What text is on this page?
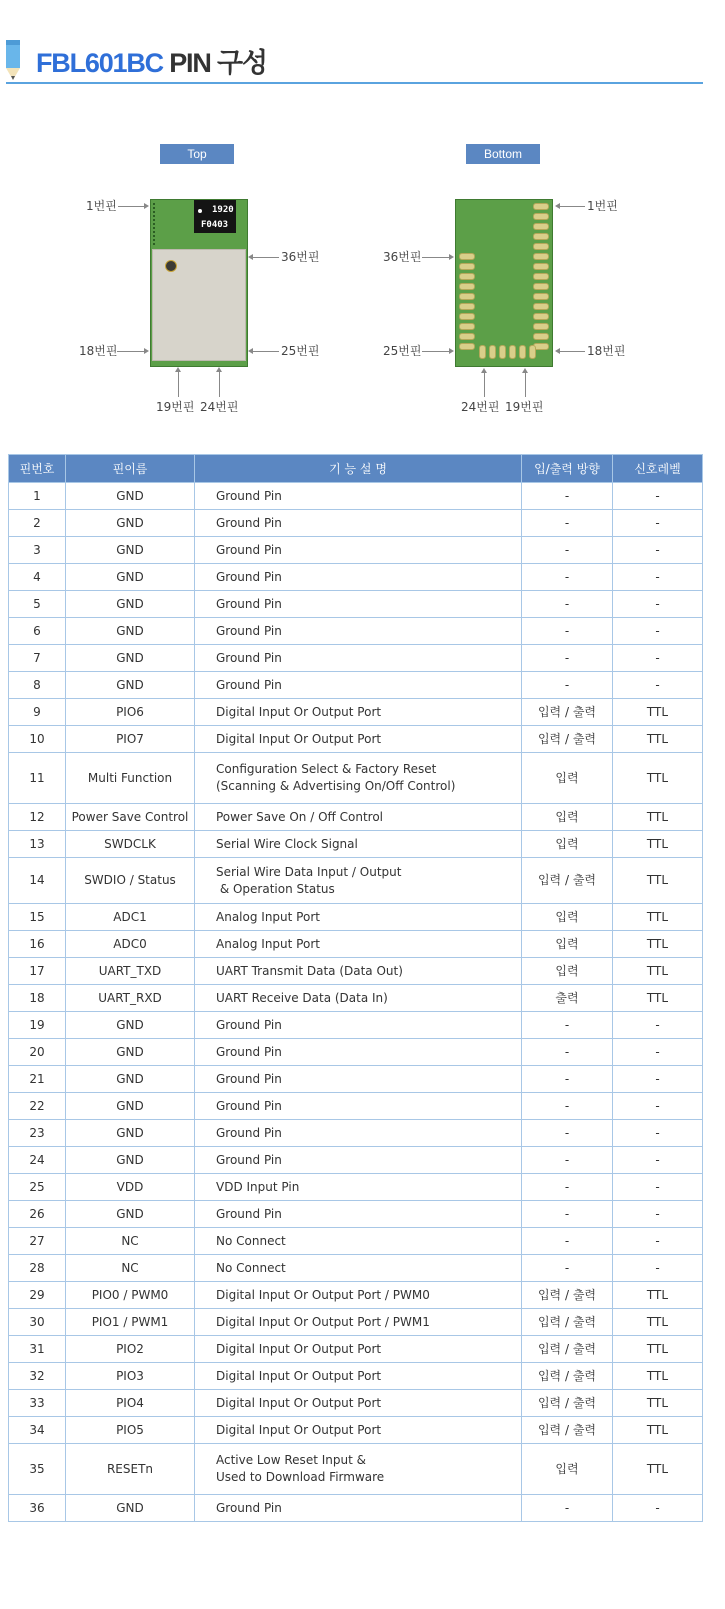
FBL601BC PIN 구성
Top	Bottom
1920
F0403
1번핀
36번핀
18번핀	25번핀
19번핀 24번핀
1번핀
36번핀
25번핀	18번핀
24번핀 19번핀
핀번호	핀이름	기 능 설 명	입/출력 방향	신호레벨
1	GND	Ground Pin	-	-
2	GND	Ground Pin	-	-
3	GND	Ground Pin	-	-
4	GND	Ground Pin	-	-
5	GND	Ground Pin	-	-
6	GND	Ground Pin	-	-
7	GND	Ground Pin	-	-
8	GND	Ground Pin	-	-
9	PIO6	Digital Input Or Output Port	입력 / 출력	TTL
10	PIO7	Digital Input Or Output Port	입력 / 출력	TTL
11	Multi Function	Configuration Select & Factory Reset
(Scanning & Advertising On/Off Control)	입력	TTL
12	Power Save Control	Power Save On / Off Control	입력	TTL
13	SWDCLK	Serial Wire Clock Signal	입력	TTL
14	SWDIO / Status	Serial Wire Data Input / Output
& Operation Status	입력 / 출력	TTL
15	ADC1	Analog Input Port	입력	TTL
16	ADC0	Analog Input Port	입력	TTL
17	UART_TXD	UART Transmit Data (Data Out)	입력	TTL
18	UART_RXD	UART Receive Data (Data In)	출력	TTL
19	GND	Ground Pin	-	-
20	GND	Ground Pin	-	-
21	GND	Ground Pin	-	-
22	GND	Ground Pin	-	-
23	GND	Ground Pin	-	-
24	GND	Ground Pin	-	-
25	VDD	VDD Input Pin	-	-
26	GND	Ground Pin	-	-
27	NC	No Connect	-	-
28	NC	No Connect	-	-
29	PIO0 / PWM0	Digital Input Or Output Port / PWM0	입력 / 출력	TTL
30	PIO1 / PWM1	Digital Input Or Output Port / PWM1	입력 / 출력	TTL
31	PIO2	Digital Input Or Output Port	입력 / 출력	TTL
32	PIO3	Digital Input Or Output Port	입력 / 출력	TTL
33	PIO4	Digital Input Or Output Port	입력 / 출력	TTL
34	PIO5	Digital Input Or Output Port	입력 / 출력	TTL
35	RESETn	Active Low Reset Input &
Used to Download Firmware	입력	TTL
36	GND	Ground Pin	-	-
